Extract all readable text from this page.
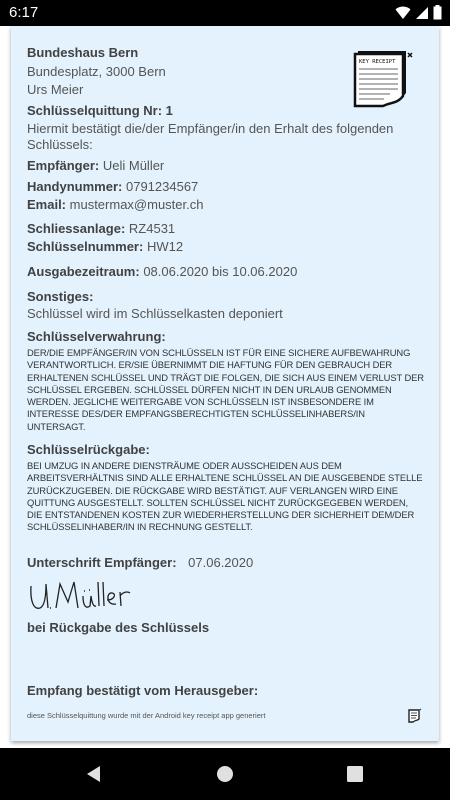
6:17
Bundeshaus Bern
Bundesplatz, 3000 Bern
Urs Meier
Schlüsselquittung Nr: 1
Hiermit bestätigt die/der Empfänger/in den Erhalt des folgenden
Schlüssels:
Empfänger: Ueli Müller
Handynummer: 0791234567
Email: mustermax@muster.ch
Schliessanlage: RZ4531
Schlüsselnummer: HW12
Ausgabezeitraum: 08.06.2020 bis 10.06.2020
Sonstiges:
Schlüssel wird im Schlüsselkasten deponiert
Schlüsselverwahrung:
DER/DIE EMPFÄNGER/IN VON SCHLÜSSELN IST FÜR EINE SICHERE AUFBEWAHRUNG VERANTWORTLICH. ER/SIE ÜBERNIMMT DIE HAFTUNG FÜR DEN GEBRAUCH DER ERHALTENEN SCHLÜSSEL UND TRÄGT DIE FOLGEN, DIE SICH AUS EINEM VERLUST DER SCHLÜSSEL ERGEBEN. SCHLÜSSEL DÜRFEN NICHT IN DEN URLAUB GENOMMEN WERDEN. JEGLICHE WEITERGABE VON SCHLÜSSELN IST INSBESONDERE IM INTERESSE DES/DER EMPFANGSBERECHTIGTEN SCHLÜSSELINHABERS/IN UNTERSAGT.
Schlüsselrückgabe:
BEI UMZUG IN ANDERE DIENSTRÄUME ODER AUSSCHEIDEN AUS DEM ARBEITSVERHÄLTNIS SIND ALLE ERHALTENE SCHLÜSSEL AN DIE AUSGEBENDE STELLE ZURÜCKZUGEBEN. DIE RÜCKGABE WIRD BESTÄTIGT. AUF VERLANGEN WIRD EINE QUITTUNG AUSGESTELLT. SOLLTEN SCHLÜSSEL NICHT ZURÜCKGEGEBEN WERDEN, DIE ENTSTANDENEN KOSTEN ZUR WIEDERHERSTELLUNG DER SICHERHEIT DEM/DER SCHLÜSSELINHABER/IN IN RECHNUNG GESTELLT.
Unterschrift Empfänger: 07.06.2020
bei Rückgabe des Schlüssels
Empfang bestätigt vom Herausgeber:
diese Schlüsselquittung wurde mit der Android key receipt app generiert
KEY RECEIPT
